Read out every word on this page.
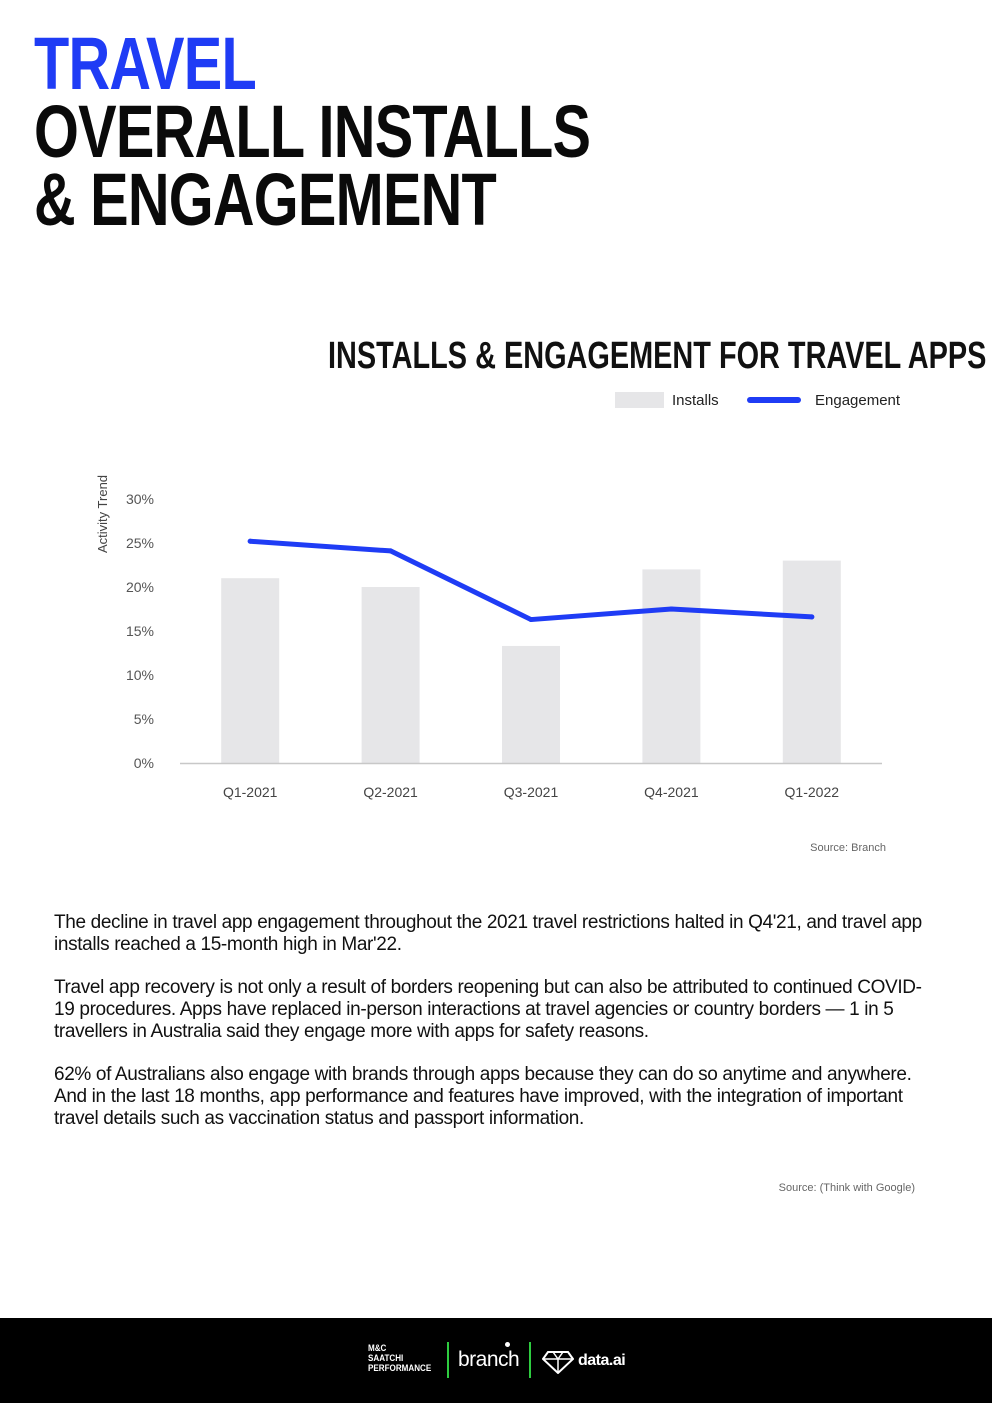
TRAVEL
OVERALL INSTALLS
& ENGAGEMENT
INSTALLS & ENGAGEMENT FOR TRAVEL APPS
Installs	Engagement
Activity Trend
0%
5%
10%
15%
20%
25%
30%
Q1-2021	Q2-2021	Q3-2021	Q4-2021	Q1-2022
Source: Branch

The decline in travel app engagement throughout the 2021 travel restrictions halted in Q4'21, and travel app installs reached a 15-month high in Mar'22.

Travel app recovery is not only a result of borders reopening but can also be attributed to continued COVID-19 procedures. Apps have replaced in-person interactions at travel agencies or country borders — 1 in 5 travellers in Australia said they engage more with apps for safety reasons.

62% of Australians also engage with brands through apps because they can do so anytime and anywhere. And in the last 18 months, app performance and features have improved, with the integration of important travel details such as vaccination status and passport information.

Source: (Think with Google)
M&C
SAATCHI
PERFORMANCE branch	data.ai
